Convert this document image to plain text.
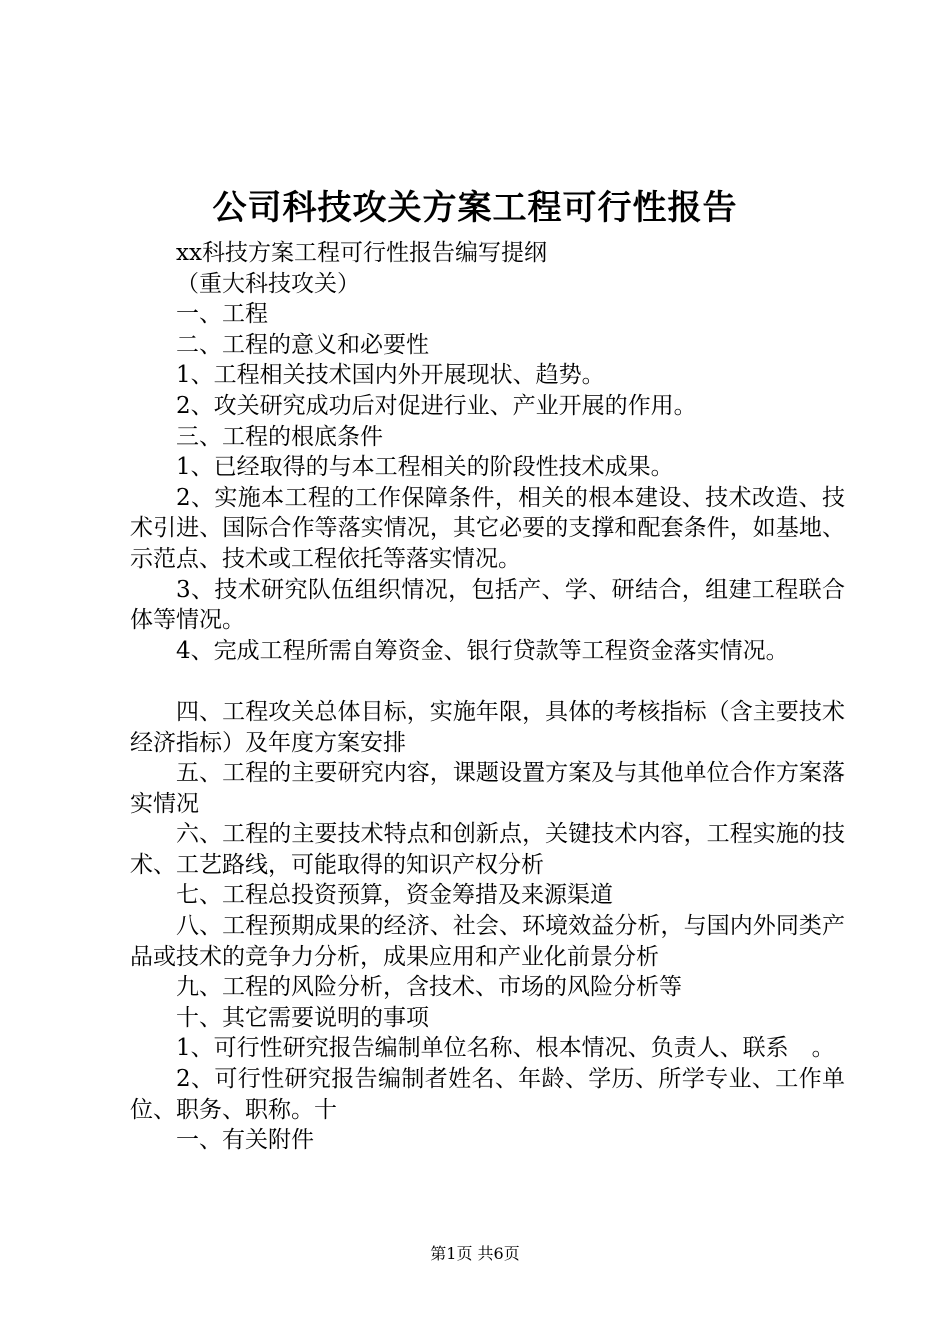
公司科技攻关方案工程可行性报告

xx科技方案工程可行性报告编写提纲

（重大科技攻关）

一、工程

二、工程的意义和必要性

1、工程相关技术国内外开展现状、趋势。

2、攻关研究成功后对促进行业、产业开展的作用。

三、工程的根底条件

1、已经取得的与本工程相关的阶段性技术成果。

2、实施本工程的工作保障条件，相关的根本建设、技术改造、技术引进、国际合作等落实情况，其它必要的支撑和配套条件，如基地、示范点、技术或工程依托等落实情况。

3、技术研究队伍组织情况，包括产、学、研结合，组建工程联合体等情况。

4、完成工程所需自筹资金、银行贷款等工程资金落实情况。

四、工程攻关总体目标，实施年限，具体的考核指标（含主要技术经济指标）及年度方案安排

五、工程的主要研究内容，课题设置方案及与其他单位合作方案落实情况

六、工程的主要技术特点和创新点，关键技术内容，工程实施的技术、工艺路线，可能取得的知识产权分析

七、工程总投资预算，资金筹措及来源渠道

八、工程预期成果的经济、社会、环境效益分析，与国内外同类产品或技术的竞争力分析，成果应用和产业化前景分析

九、工程的风险分析，含技术、市场的风险分析等

十、其它需要说明的事项

1、可行性研究报告编制单位名称、根本情况、负责人、联系　。

2、可行性研究报告编制者姓名、年龄、学历、所学专业、工作单位、职务、职称。十

一、有关附件

第1页 共6页
